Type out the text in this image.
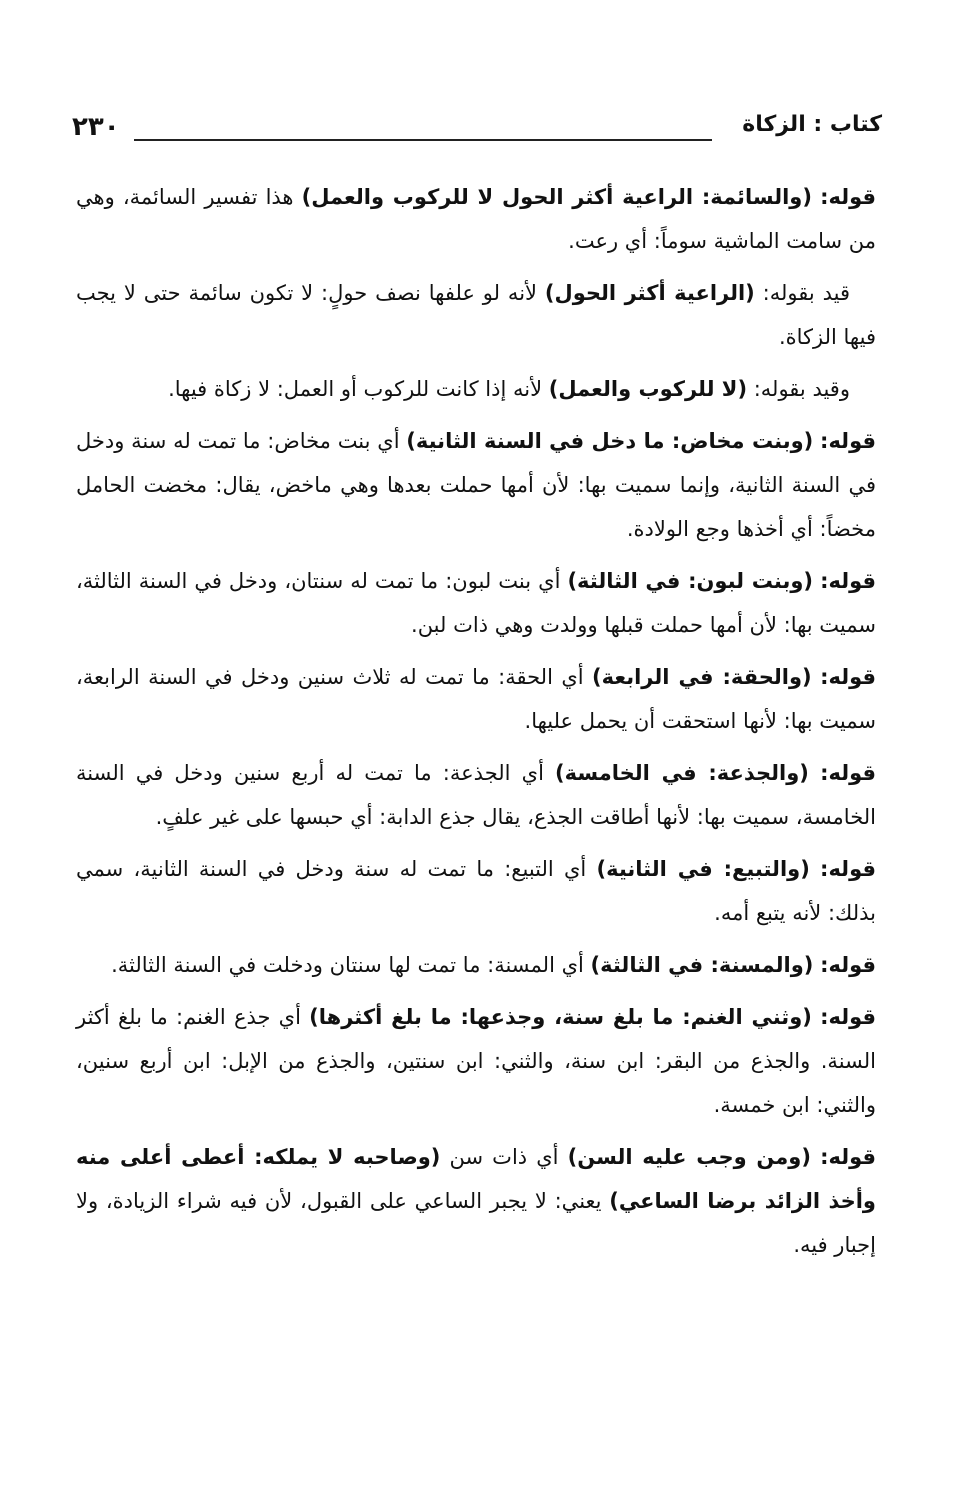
٢٣٠	كتاب : الزكاة

قوله: (والسائمة: الراعية أكثر الحول لا للركوب والعمل) هذا تفسير السائمة، وهي من سامت الماشية سوماً: أي رعت.

قيد بقوله: (الراعية أكثر الحول) لأنه لو علفها نصف حولٍ: لا تكون سائمة حتى لا يجب فيها الزكاة.

وقيد بقوله: (لا للركوب والعمل) لأنه إذا كانت للركوب أو العمل: لا زكاة فيها.

قوله: (وبنت مخاض: ما دخل في السنة الثانية) أي بنت مخاض: ما تمت له سنة ودخل في السنة الثانية، وإنما سميت بها: لأن أمها حملت بعدها وهي ماخض، يقال: مخضت الحامل مخضاً: أي أخذها وجع الولادة.

قوله: (وبنت لبون: في الثالثة) أي بنت لبون: ما تمت له سنتان، ودخل في السنة الثالثة، سميت بها: لأن أمها حملت قبلها وولدت وهي ذات لبن.

قوله: (والحقة: في الرابعة) أي الحقة: ما تمت له ثلاث سنين ودخل في السنة الرابعة، سميت بها: لأنها استحقت أن يحمل عليها.

قوله: (والجذعة: في الخامسة) أي الجذعة: ما تمت له أربع سنين ودخل في السنة الخامسة، سميت بها: لأنها أطاقت الجذع، يقال جذع الدابة: أي حبسها على غير علفٍ.

قوله: (والتبيع: في الثانية) أي التبيع: ما تمت له سنة ودخل في السنة الثانية، سمي بذلك: لأنه يتبع أمه.

قوله: (والمسنة: في الثالثة) أي المسنة: ما تمت لها سنتان ودخلت في السنة الثالثة.

قوله: (وثني الغنم: ما بلغ سنة، وجذعها: ما بلغ أكثرها) أي جذع الغنم: ما بلغ أكثر السنة. والجذع من البقر: ابن سنة، والثني: ابن سنتين، والجذع من الإبل: ابن أربع سنين، والثني: ابن خمسة.

قوله: (ومن وجب عليه السن) أي ذات سن (وصاحبه لا يملكه: أعطى أعلى منه وأخذ الزائد برضا الساعي) يعني: لا يجبر الساعي على القبول، لأن فيه شراء الزيادة، ولا إجبار فيه.
